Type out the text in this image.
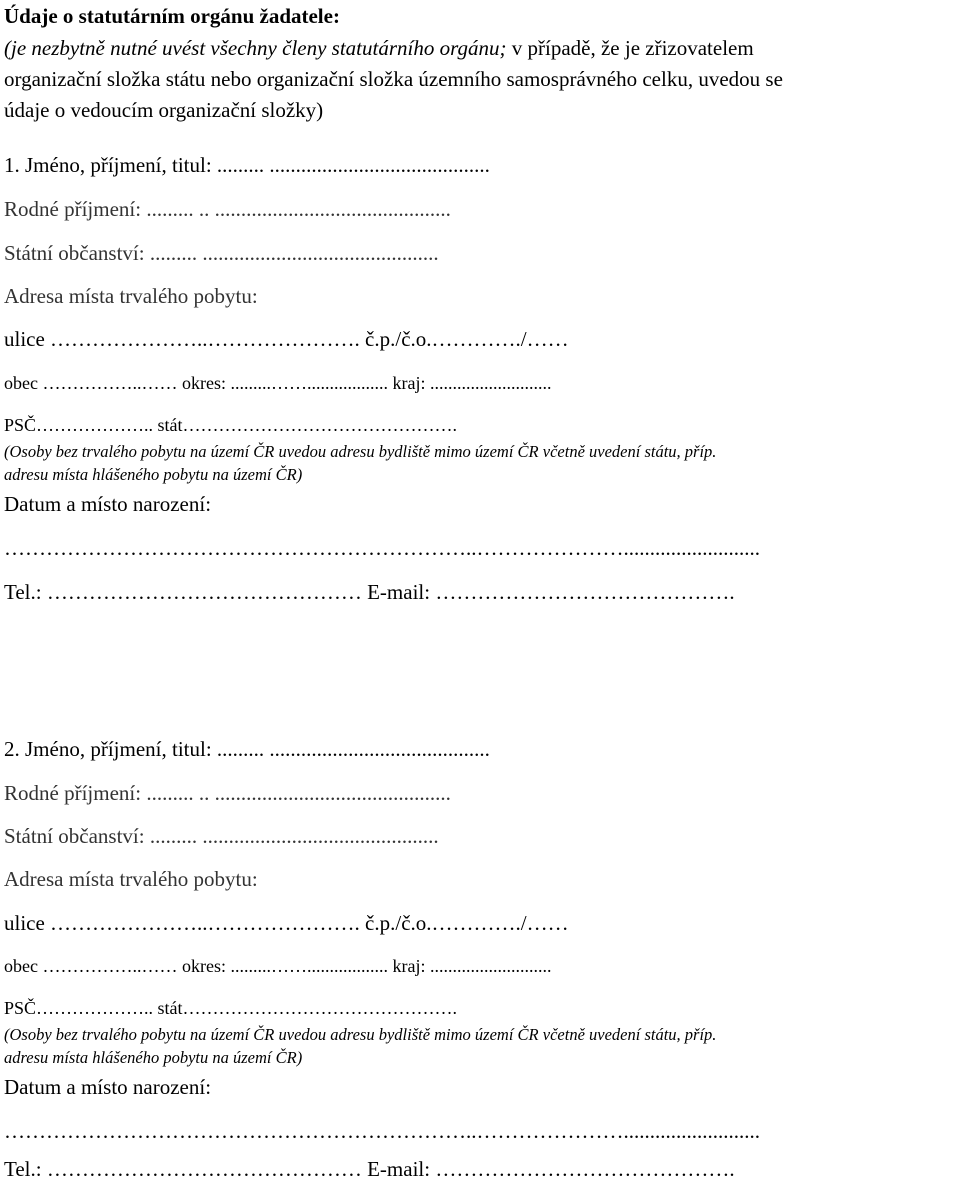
Údaje o statutárním orgánu žadatele:
(je nezbytně nutné uvést všechny členy statutárního orgánu; v případě, že je zřizovatelem
organizační složka státu nebo organizační složka územního samosprávného celku, uvedou se
údaje o vedoucím organizační složky)
1. Jméno, příjmení, titul: ......... ..........................................
Rodné příjmení: ......... .. .............................................
Státní občanství: ......... .............................................
Adresa místa trvalého pobytu:
ulice …………………..…………………. č.p./č.o.…………./……
obec ……………..…… okres: .........…….................. kraj: ...........................
PSČ……………….. stát……………………………………….
(Osoby bez trvalého pobytu na území ČR uvedou adresu bydliště mimo území ČR včetně uvedení státu, příp.
adresu místa hlášeného pobytu na území ČR)
Datum a místo narození:
…………………………………………………………..…………………..........................
Tel.: ……………………………………… E-mail: …………………………………….
2. Jméno, příjmení, titul: ......... ..........................................
Rodné příjmení: ......... .. .............................................
Státní občanství: ......... .............................................
Adresa místa trvalého pobytu:
ulice …………………..…………………. č.p./č.o.…………./……
obec ……………..…… okres: .........…….................. kraj: ...........................
PSČ……………….. stát……………………………………….
(Osoby bez trvalého pobytu na území ČR uvedou adresu bydliště mimo území ČR včetně uvedení státu, příp.
adresu místa hlášeného pobytu na území ČR)
Datum a místo narození:
…………………………………………………………..…………………..........................
Tel.: ……………………………………… E-mail: …………………………………….
